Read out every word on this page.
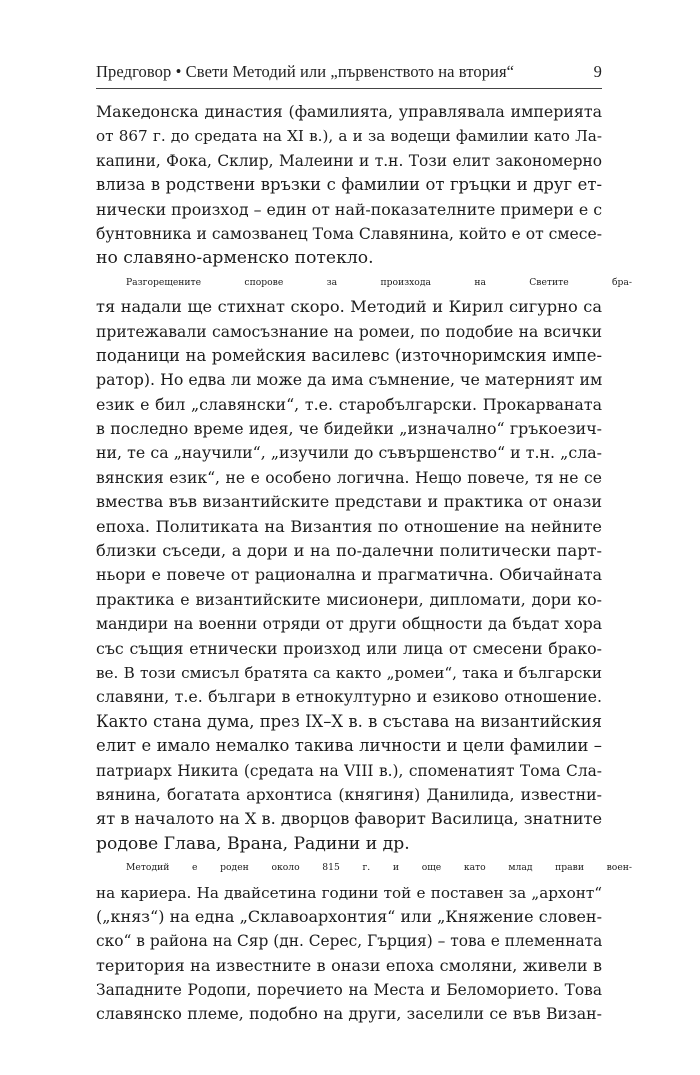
Предговор • Свети Методий или „първенството на втория“	9
Македонска династия (фамилията, управлявала империята
от 867 г. до средата на XI в.), а и за водещи фамилии като Ла-
капини, Фока, Склир, Малеини и т.н. Този елит закономерно
влиза в родствени връзки с фамилии от гръцки и друг ет-
нически произход – един от най-показателните примери е с
бунтовника и самозванец Тома Славянина, който е от смесе-
но славяно-арменско потекло.
Разгорещените спорове за произхода на Светите бра-
тя надали ще стихнат скоро. Методий и Кирил сигурно са
притежавали самосъзнание на ромеи, по подобие на всички
поданици на ромейския василевс (източноримския импе-
ратор). Но едва ли може да има съмнение, че матерният им
език е бил „славянски“, т.е. старобългарски. Прокарваната
в последно време идея, че бидейки „изначално“ гръкоезич-
ни, те са „научили“, „изучили до съвършенство“ и т.н. „сла-
вянския език“, не е особено логична. Нещо повече, тя не се
вмества във византийските представи и практика от онази
епоха. Политиката на Византия по отношение на нейните
близки съседи, а дори и на по-далечни политически парт-
ньори е повече от рационална и прагматична. Обичайната
практика е византийските мисионери, дипломати, дори ко-
мандири на военни отряди от други общности да бъдат хора
със същия етнически произход или лица от смесени брако-
ве. В този смисъл братята са както „ромеи“, така и български
славяни, т.е. българи в етнокултурно и езиково отношение.
Както стана дума, през IX–X в. в състава на византийския
елит е имало немалко такива личности и цели фамилии –
патриарх Никита (средата на VIII в.), споменатият Тома Сла-
вянина, богатата архонтиса (княгиня) Данилида, известни-
ят в началото на X в. дворцов фаворит Василица, знатните
родове Глава, Врана, Радини и др.
Методий е роден около 815 г. и още като млад прави воен-
на кариера. На двайсетина години той е поставен за „архонт“
(„княз“) на една „Склавоархонтия“ или „Княжение словен-
ско“ в района на Сяр (дн. Серес, Гърция) – това е племенната
територия на известните в онази епоха смоляни, живели в
Западните Родопи, поречието на Места и Беломорието. Това
славянско племе, подобно на други, заселили се във Визан-
